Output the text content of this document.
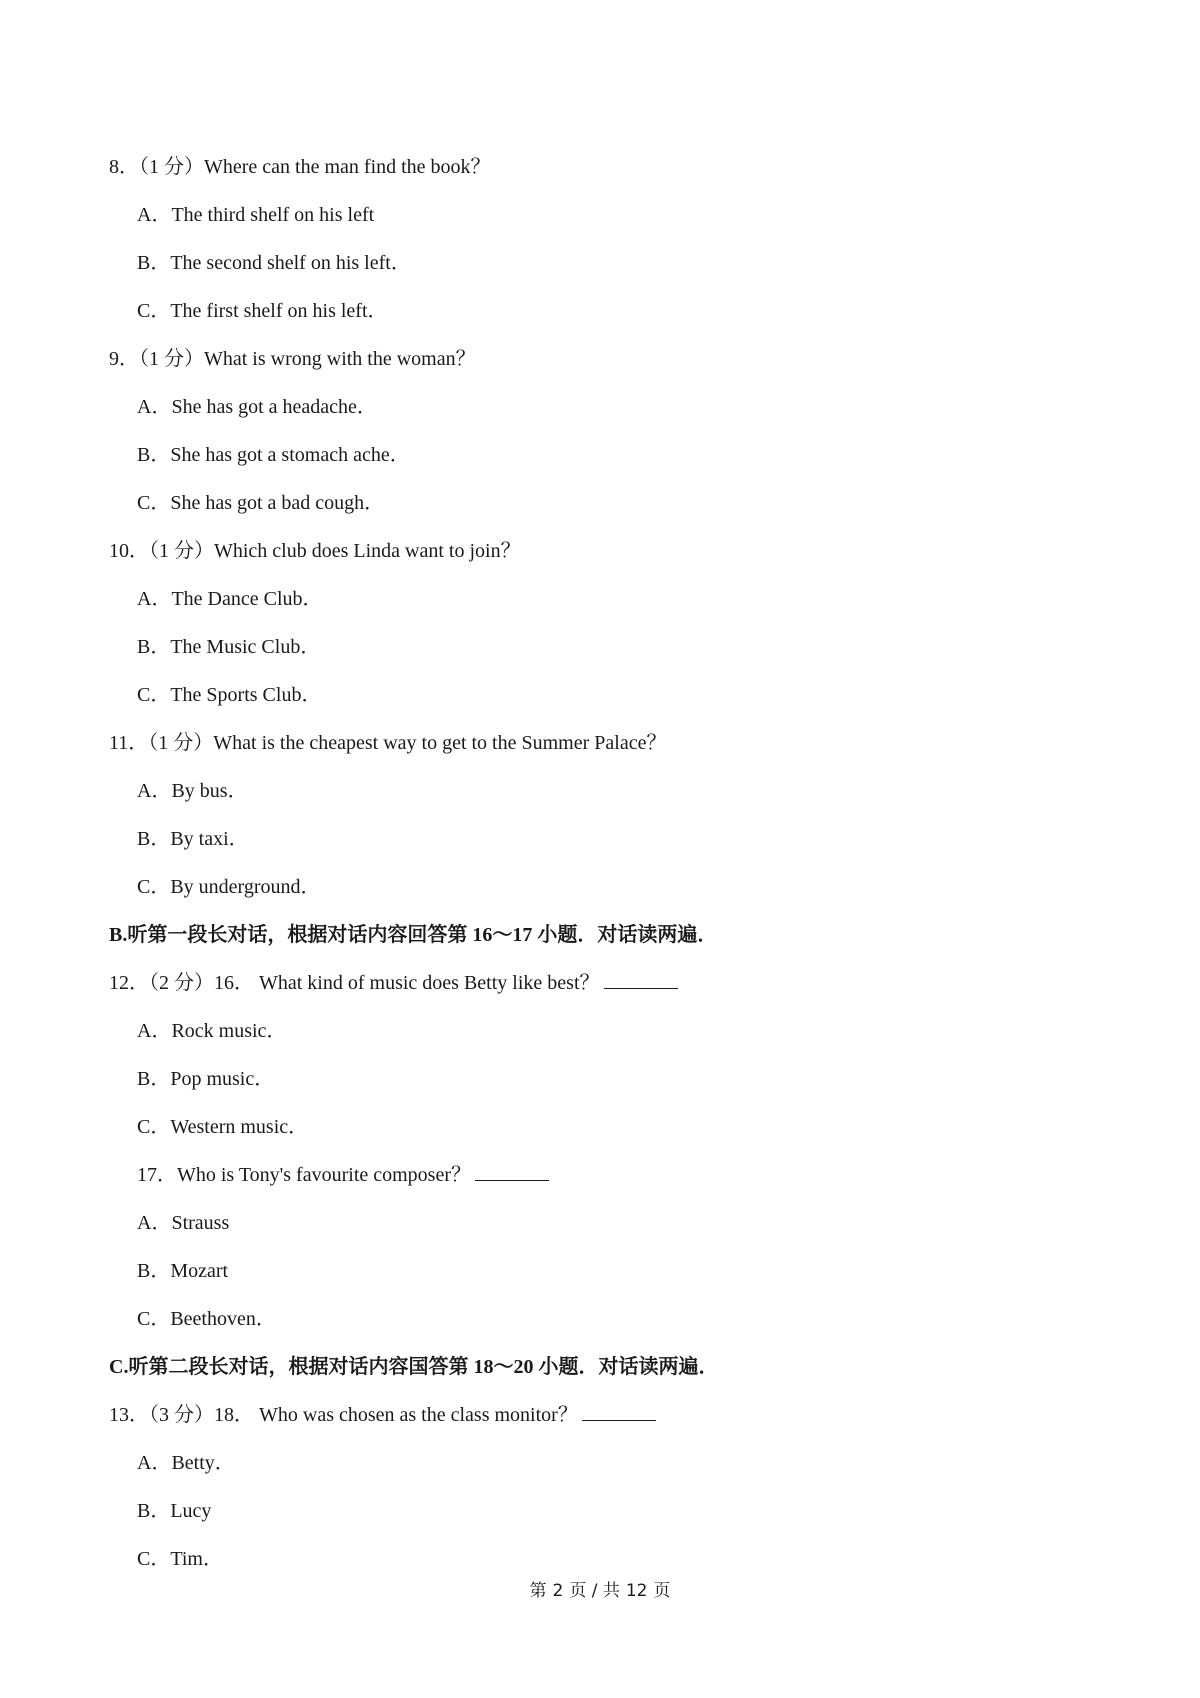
8．（1 分）Where can the man find the book？
A．The third shelf on his left
B．The second shelf on his left．
C．The first shelf on his left．
9．（1 分）What is wrong with the woman？
A．She has got a headache．
B．She has got a stomach ache．
C．She has got a bad cough．
10．（1 分）Which club does Linda want to join？
A．The Dance Club．
B．The Music Club．
C．The Sports Club．
11．（1 分）What is the cheapest way to get to the Summer Palace？
A．By bus．
B．By taxi．
C．By underground．
B.听第一段长对话，根据对话内容回答第 16～17 小题．对话读两遍．
12．（2 分）16． What kind of music does Betty like best？
A．Rock music．
B．Pop music．
C．Western music．
17．Who is Tony's favourite composer？
A．Strauss
B．Mozart
C．Beethoven．
C.听第二段长对话，根据对话内容国答第 18～20 小题．对话读两遍．
13．（3 分）18． Who was chosen as the class monitor？
A．Betty．
B．Lucy
C．Tim．
第 2 页 / 共 12 页
